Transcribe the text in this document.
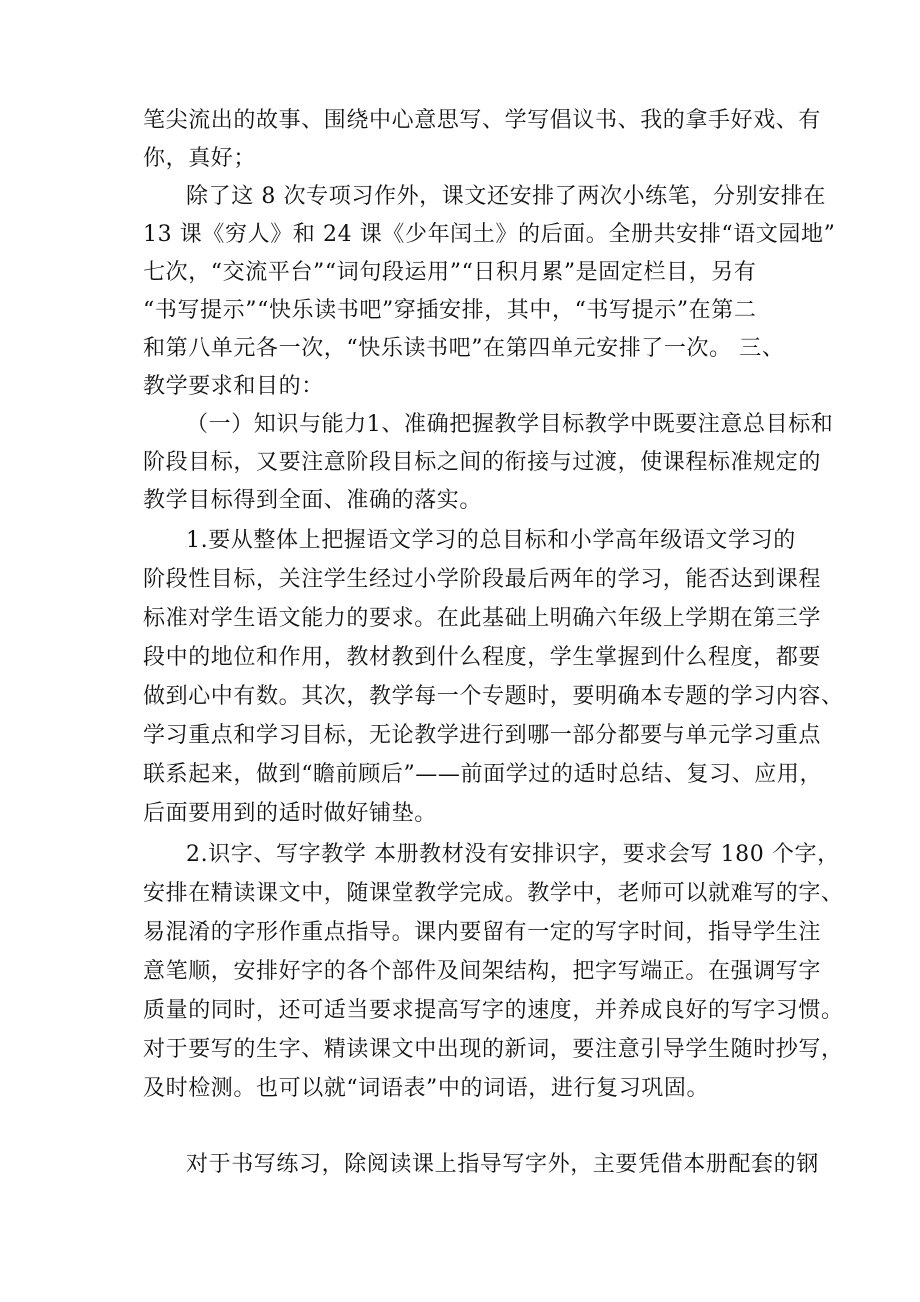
笔尖流出的故事、围绕中心意思写、学写倡议书、我的拿手好戏、有
你，真好；
除了这 8 次专项习作外，课文还安排了两次小练笔，分别安排在
13 课《穷人》和 24 课《少年闰土》的后面。全册共安排“语文园地”
七次，“交流平台”“词句段运用”“日积月累”是固定栏目，另有
“书写提示”“快乐读书吧”穿插安排，其中，“书写提示”在第二
和第八单元各一次，“快乐读书吧”在第四单元安排了一次。 三、
教学要求和目的：
（一）知识与能力1、准确把握教学目标教学中既要注意总目标和
阶段目标，又要注意阶段目标之间的衔接与过渡，使课程标准规定的
教学目标得到全面、准确的落实。
1.要从整体上把握语文学习的总目标和小学高年级语文学习的
阶段性目标，关注学生经过小学阶段最后两年的学习，能否达到课程
标准对学生语文能力的要求。在此基础上明确六年级上学期在第三学
段中的地位和作用，教材教到什么程度，学生掌握到什么程度，都要
做到心中有数。其次，教学每一个专题时，要明确本专题的学习内容、
学习重点和学习目标，无论教学进行到哪一部分都要与单元学习重点
联系起来，做到“瞻前顾后”——前面学过的适时总结、复习、应用，
后面要用到的适时做好铺垫。
2.识字、写字教学 本册教材没有安排识字，要求会写 180 个字，
安排在精读课文中，随课堂教学完成。教学中，老师可以就难写的字、
易混淆的字形作重点指导。课内要留有一定的写字时间，指导学生注
意笔顺，安排好字的各个部件及间架结构，把字写端正。在强调写字
质量的同时，还可适当要求提高写字的速度，并养成良好的写字习惯。
对于要写的生字、精读课文中出现的新词，要注意引导学生随时抄写，
及时检测。也可以就“词语表”中的词语，进行复习巩固。
对于书写练习，除阅读课上指导写字外，主要凭借本册配套的钢
